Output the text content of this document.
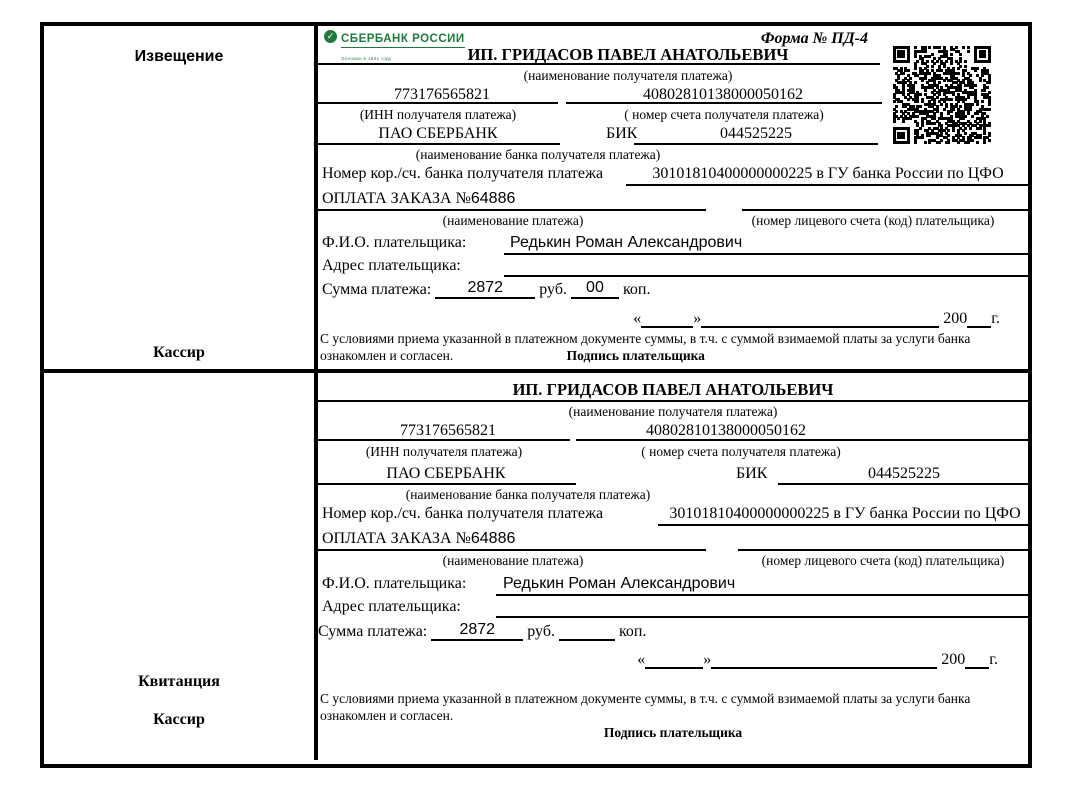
Извещение
Кассир
✓ СБЕРБАНК РОССИИ
Основан в 1841 году
Форма № ПД-4
ИП. ГРИДАСОВ ПАВЕЛ АНАТОЛЬЕВИЧ
(наименование получателя платежа)
773176565821	40802810138000050162
(ИНН получателя платежа)	( номер счета получателя платежа)
ПАО СБЕРБАНК	БИК	044525225
(наименование банка получателя платежа)
Номер кор./сч. банка получателя платежа	30101810400000000225 в ГУ банка России по ЦФО
ОПЛАТА ЗАКАЗА №64886
(наименование платежа)	(номер лицевого счета (код) плательщика)
Ф.И.О. плательщика:	Редькин Роман Александрович
Адрес плательщика:
Сумма платежа: 2872 руб. 00 коп.
«	»	200 г.
С условиями приема указанной в платежном документе суммы, в т.ч. с суммой взимаемой платы за услуги банка
ознакомлен и согласен.	Подпись плательщика
Квитанция
Кассир
ИП. ГРИДАСОВ ПАВЕЛ АНАТОЛЬЕВИЧ
(наименование получателя платежа)
773176565821	40802810138000050162
(ИНН получателя платежа)	( номер счета получателя платежа)
ПАО СБЕРБАНК	БИК	044525225
(наименование банка получателя платежа)
Номер кор./сч. банка получателя платежа	30101810400000000225 в ГУ банка России по ЦФО
ОПЛАТА ЗАКАЗА №64886
(наименование платежа)	(номер лицевого счета (код) плательщика)
Ф.И.О. плательщика: Редькин Роман Александрович
Адрес плательщика:
Сумма платежа: 2872 руб.	коп.
«	»	200 г.
С условиями приема указанной в платежном документе суммы, в т.ч. с суммой взимаемой платы за услуги банка
ознакомлен и согласен.
Подпись плательщика
